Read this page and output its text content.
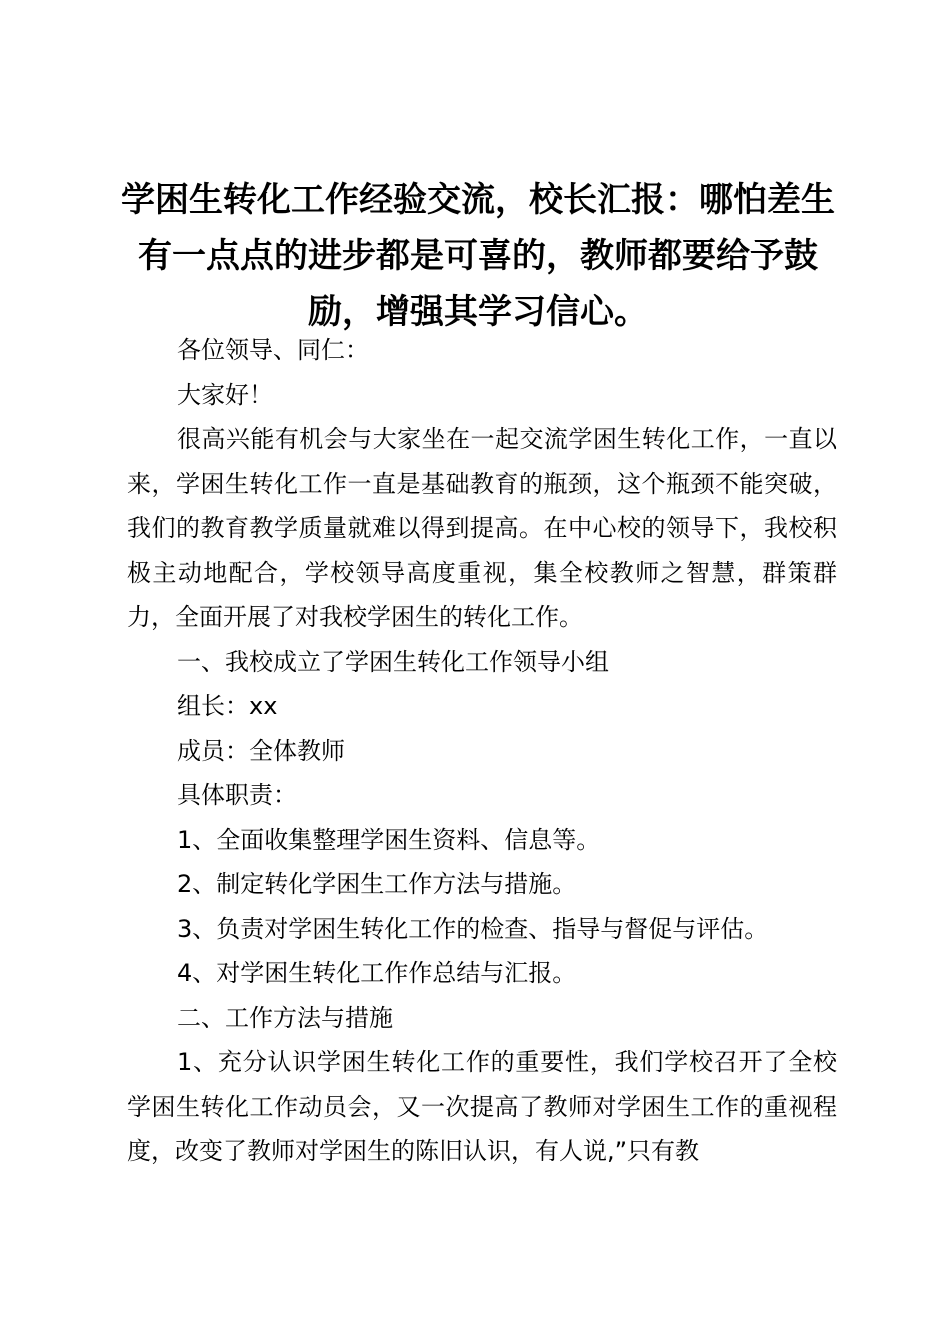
学困生转化工作经验交流，校长汇报：哪怕差生有一点点的进步都是可喜的，教师都要给予鼓励，增强其学习信心。

各位领导、同仁：

大家好！

很高兴能有机会与大家坐在一起交流学困生转化工作，一直以来，学困生转化工作一直是基础教育的瓶颈，这个瓶颈不能突破，我们的教育教学质量就难以得到提高。在中心校的领导下，我校积极主动地配合，学校领导高度重视，集全校教师之智慧，群策群力，全面开展了对我校学困生的转化工作。

一、我校成立了学困生转化工作领导小组

组长：xx

成员：全体教师

具体职责：

1、全面收集整理学困生资料、信息等。

2、制定转化学困生工作方法与措施。

3、负责对学困生转化工作的检查、指导与督促与评估。

4、对学困生转化工作作总结与汇报。

二、工作方法与措施

1、充分认识学困生转化工作的重要性，我们学校召开了全校学困生转化工作动员会，又一次提高了教师对学困生工作的重视程度，改变了教师对学困生的陈旧认识，有人说,”只有教
